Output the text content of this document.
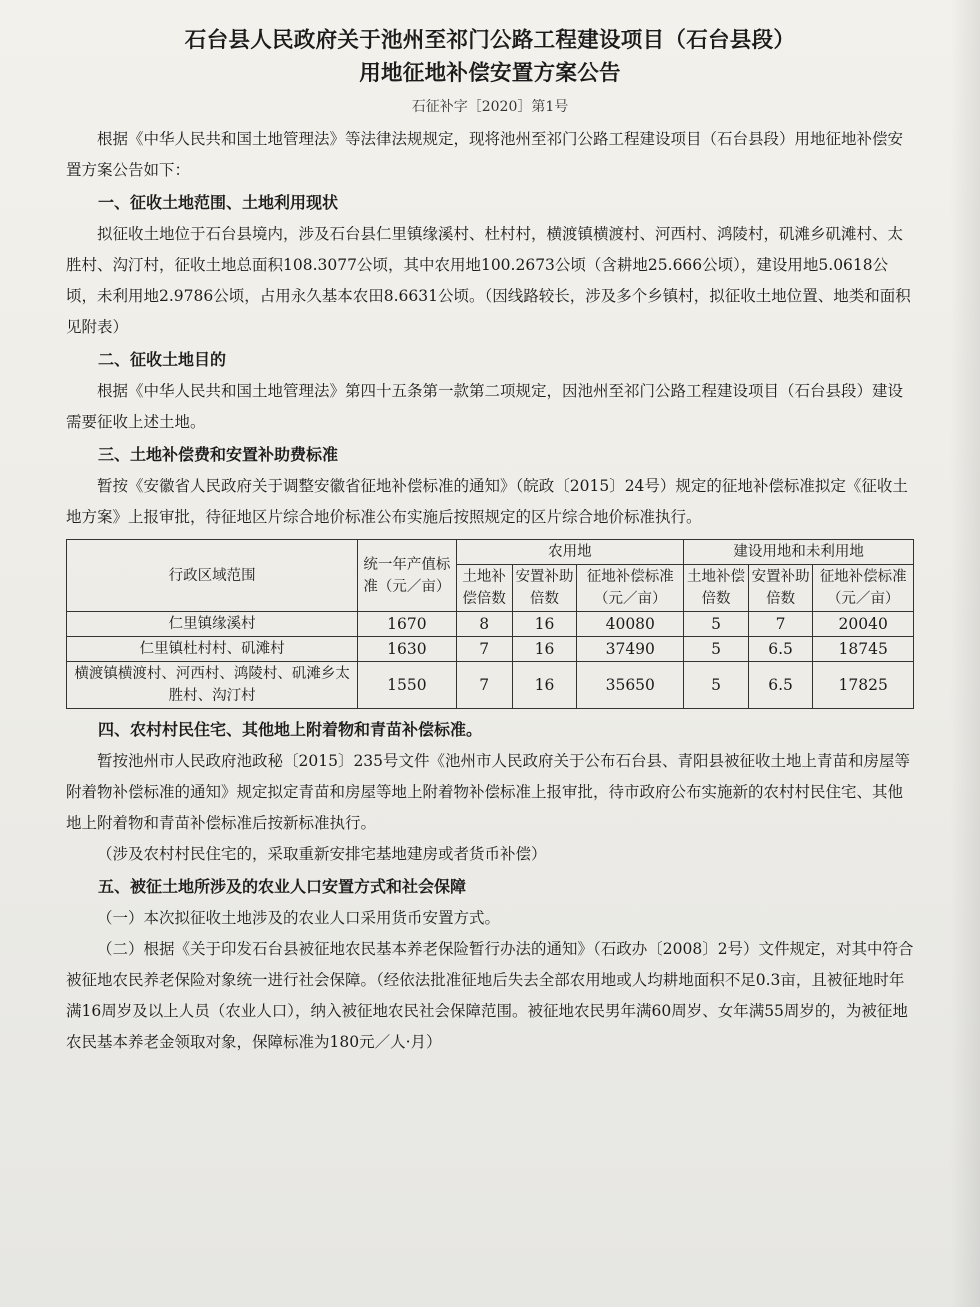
石台县人民政府关于池州至祁门公路工程建设项目（石台县段）
用地征地补偿安置方案公告
石征补字［2020］第1号

根据《中华人民共和国土地管理法》等法律法规规定，现将池州至祁门公路工程建设项目（石台县段）用地征地补偿安置方案公告如下：

一、征收土地范围、土地利用现状

拟征收土地位于石台县境内，涉及石台县仁里镇缘溪村、杜村村，横渡镇横渡村、河西村、鸿陵村，矶滩乡矶滩村、太胜村、沟汀村，征收土地总面积108.3077公顷，其中农用地100.2673公顷（含耕地25.666公顷），建设用地5.0618公顷，未利用地2.9786公顷，占用永久基本农田8.6631公顷。（因线路较长，涉及多个乡镇村，拟征收土地位置、地类和面积见附表）

二、征收土地目的

根据《中华人民共和国土地管理法》第四十五条第一款第二项规定，因池州至祁门公路工程建设项目（石台县段）建设需要征收上述土地。

三、土地补偿费和安置补助费标准

暂按《安徽省人民政府关于调整安徽省征地补偿标准的通知》（皖政〔2015〕24号）规定的征地补偿标准拟定《征收土地方案》上报审批，待征地区片综合地价标准公布实施后按照规定的区片综合地价标准执行。

行政区域范围	统一年产值标准（元／亩）	农用地			建设用地和未利用地		
		土地补偿倍数	安置补助倍数	征地补偿标准（元／亩）	土地补偿倍数	安置补助倍数	征地补偿标准（元／亩）
仁里镇缘溪村	1670	8	16	40080	5	7	20040
仁里镇杜村村、矶滩村	1630	7	16	37490	5	6.5	18745
横渡镇横渡村、河西村、鸿陵村、矶滩乡太胜村、沟汀村	1550	7	16	35650	5	6.5	17825
四、农村村民住宅、其他地上附着物和青苗补偿标准。

暂按池州市人民政府池政秘〔2015〕235号文件《池州市人民政府关于公布石台县、青阳县被征收土地上青苗和房屋等附着物补偿标准的通知》规定拟定青苗和房屋等地上附着物补偿标准上报审批，待市政府公布实施新的农村村民住宅、其他地上附着物和青苗补偿标准后按新标准执行。

（涉及农村村民住宅的，采取重新安排宅基地建房或者货币补偿）

五、被征土地所涉及的农业人口安置方式和社会保障

（一）本次拟征收土地涉及的农业人口采用货币安置方式。

（二）根据《关于印发石台县被征地农民基本养老保险暂行办法的通知》（石政办〔2008〕2号）文件规定，对其中符合被征地农民养老保险对象统一进行社会保障。（经依法批准征地后失去全部农用地或人均耕地面积不足0.3亩，且被征地时年满16周岁及以上人员（农业人口），纳入被征地农民社会保障范围。被征地农民男年满60周岁、女年满55周岁的，为被征地农民基本养老金领取对象，保障标准为180元／人·月）
